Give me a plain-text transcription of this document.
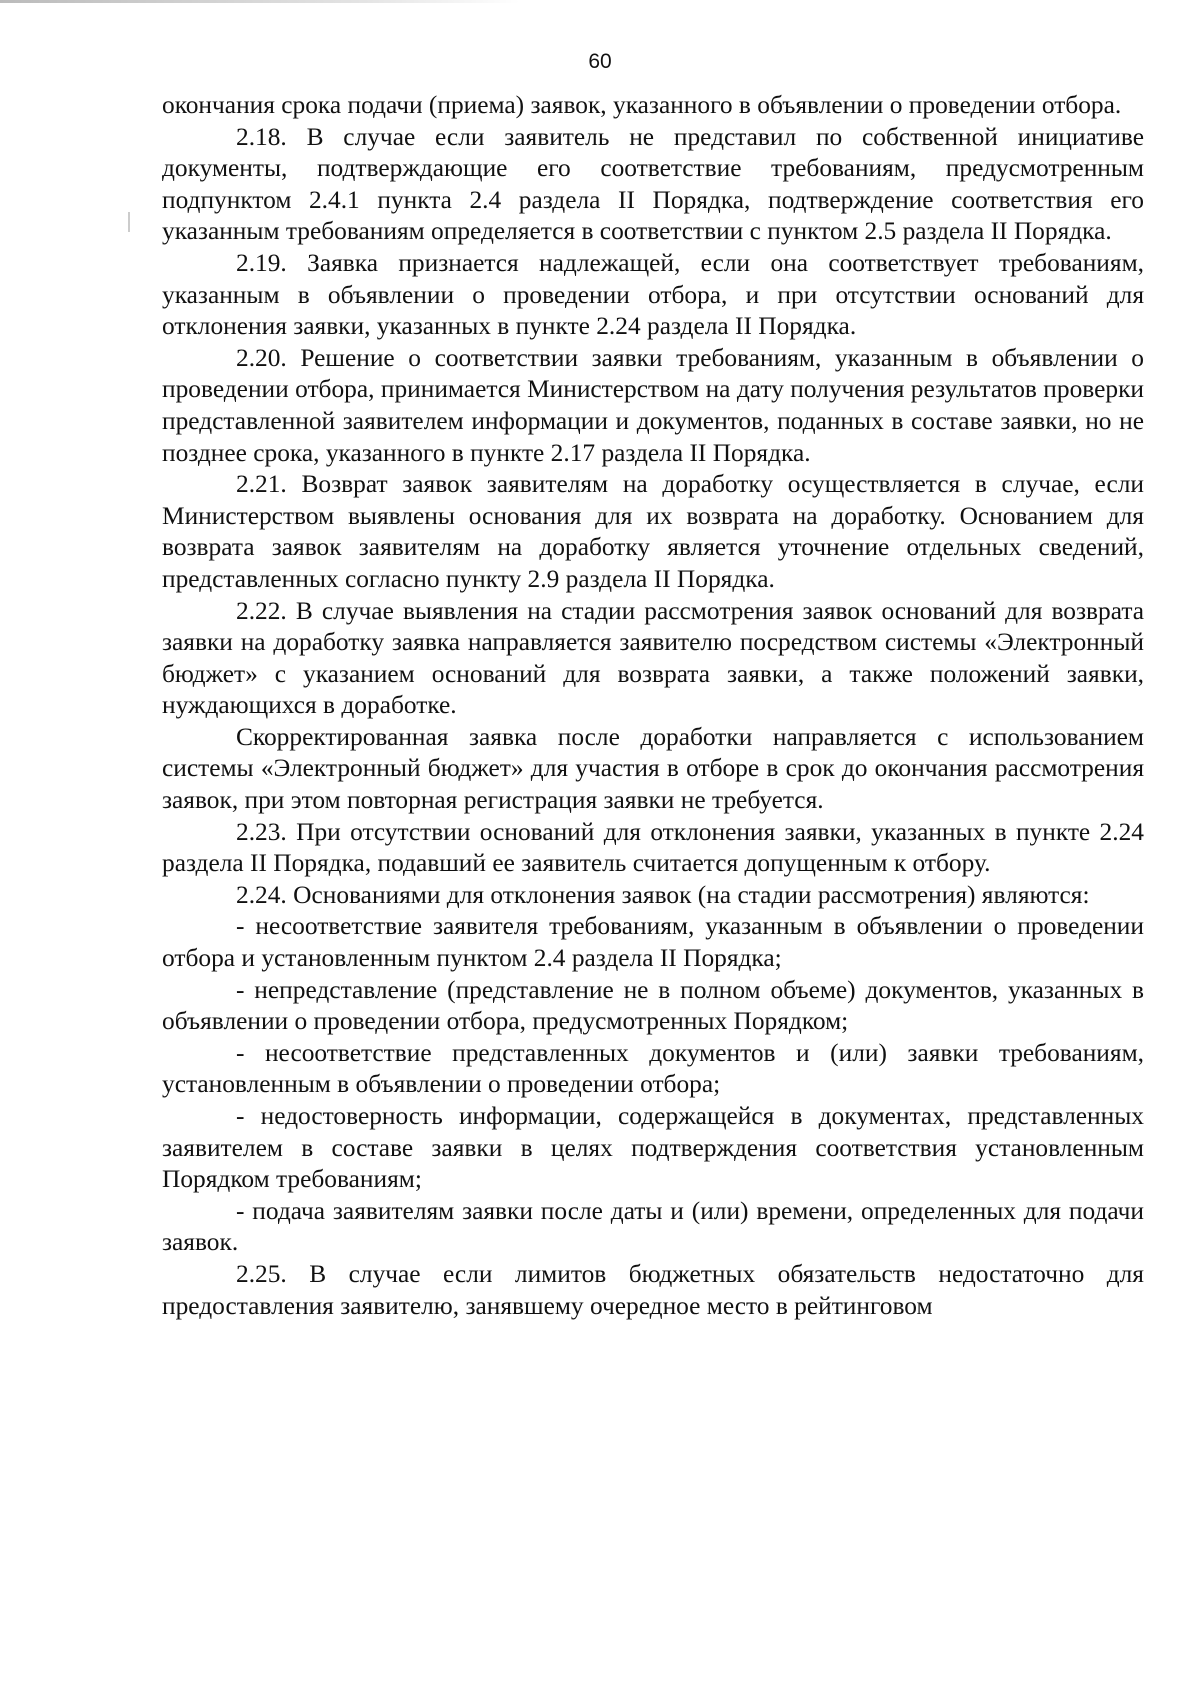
60

окончания срока подачи (приема) заявок, указанного в объявлении о проведении отбора.

2.18. В случае если заявитель не представил по собственной инициативе документы, подтверждающие его соответствие требованиям, предусмотренным подпунктом 2.4.1 пункта 2.4 раздела II Порядка, подтверждение соответствия его указанным требованиям определяется в соответствии с пунктом 2.5 раздела II Порядка.

2.19. Заявка признается надлежащей, если она соответствует требованиям, указанным в объявлении о проведении отбора, и при отсутствии оснований для отклонения заявки, указанных в пункте 2.24 раздела II Порядка.

2.20. Решение о соответствии заявки требованиям, указанным в объявлении о проведении отбора, принимается Министерством на дату получения результатов проверки представленной заявителем информации и документов, поданных в составе заявки, но не позднее срока, указанного в пункте 2.17 раздела II Порядка.

2.21. Возврат заявок заявителям на доработку осуществляется в случае, если Министерством выявлены основания для их возврата на доработку. Основанием для возврата заявок заявителям на доработку является уточнение отдельных сведений, представленных согласно пункту 2.9 раздела II Порядка.

2.22. В случае выявления на стадии рассмотрения заявок оснований для возврата заявки на доработку заявка направляется заявителю посредством системы «Электронный бюджет» с указанием оснований для возврата заявки, а также положений заявки, нуждающихся в доработке.

Скорректированная заявка после доработки направляется с использованием системы «Электронный бюджет» для участия в отборе в срок до окончания рассмотрения заявок, при этом повторная регистрация заявки не требуется.

2.23. При отсутствии оснований для отклонения заявки, указанных в пункте 2.24 раздела II Порядка, подавший ее заявитель считается допущенным к отбору.

2.24. Основаниями для отклонения заявок (на стадии рассмотрения) являются:

- несоответствие заявителя требованиям, указанным в объявлении о проведении отбора и установленным пунктом 2.4 раздела II Порядка;

- непредставление (представление не в полном объеме) документов, указанных в объявлении о проведении отбора, предусмотренных Порядком;

- несоответствие представленных документов и (или) заявки требованиям, установленным в объявлении о проведении отбора;

- недостоверность информации, содержащейся в документах, представленных заявителем в составе заявки в целях подтверждения соответствия установленным Порядком требованиям;

- подача заявителям заявки после даты и (или) времени, определенных для подачи заявок.

2.25. В случае если лимитов бюджетных обязательств недостаточно для предоставления заявителю, занявшему очередное место в рейтинговом
